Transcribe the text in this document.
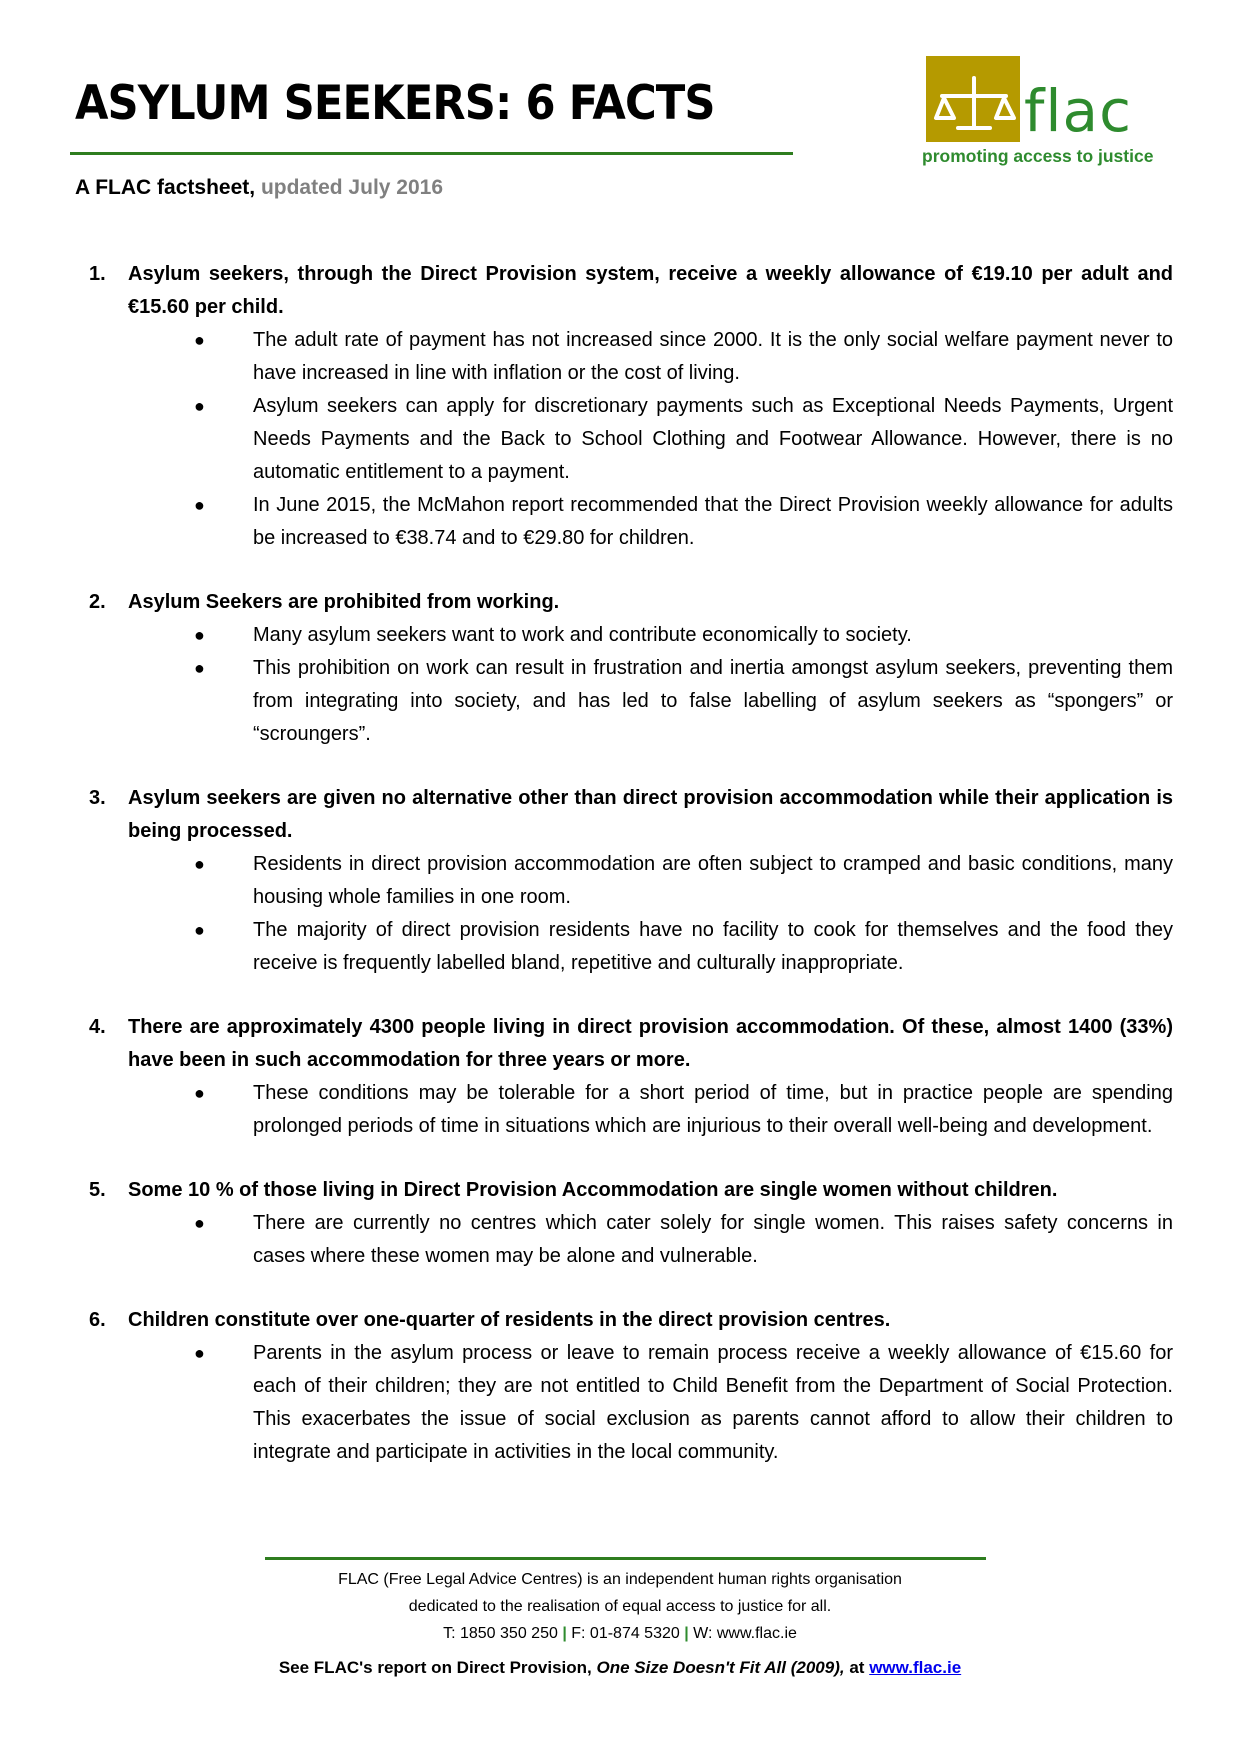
ASYLUM SEEKERS: 6 FACTS
A FLAC factsheet, updated July 2016
flac
promoting access to justice
1. Asylum seekers, through the Direct Provision system, receive a weekly allowance of €19.10 per adult and €15.60 per child.

● The adult rate of payment has not increased since 2000. It is the only social welfare payment never to have increased in line with inflation or the cost of living.
● Asylum seekers can apply for discretionary payments such as Exceptional Needs Payments, Urgent Needs Payments and the Back to School Clothing and Footwear Allowance. However, there is no automatic entitlement to a payment.
● In June 2015, the McMahon report recommended that the Direct Provision weekly allowance for adults be increased to €38.74 and to €29.80 for children.
2. Asylum Seekers are prohibited from working.

● Many asylum seekers want to work and contribute economically to society.
● This prohibition on work can result in frustration and inertia amongst asylum seekers, preventing them from integrating into society, and has led to false labelling of asylum seekers as “spongers” or “scroungers”.
3. Asylum seekers are given no alternative other than direct provision accommodation while their application is being processed.

● Residents in direct provision accommodation are often subject to cramped and basic conditions, many housing whole families in one room.
● The majority of direct provision residents have no facility to cook for themselves and the food they receive is frequently labelled bland, repetitive and culturally inappropriate.
4. There are approximately 4300 people living in direct provision accommodation. Of these, almost 1400 (33%) have been in such accommodation for three years or more.

● These conditions may be tolerable for a short period of time, but in practice people are spending prolonged periods of time in situations which are injurious to their overall well-being and development.
5. Some 10 % of those living in Direct Provision Accommodation are single women without children.

● There are currently no centres which cater solely for single women. This raises safety concerns in cases where these women may be alone and vulnerable.
6. Children constitute over one-quarter of residents in the direct provision centres.

● Parents in the asylum process or leave to remain process receive a weekly allowance of €15.60 for each of their children; they are not entitled to Child Benefit from the Department of Social Protection. This exacerbates the issue of social exclusion as parents cannot afford to allow their children to integrate and participate in activities in the local community.
FLAC (Free Legal Advice Centres) is an independent human rights organisation
dedicated to the realisation of equal access to justice for all.
T: 1850 350 250 | F: 01-874 5320 | W: www.flac.ie
See FLAC's report on Direct Provision, One Size Doesn't Fit All (2009), at www.flac.ie
